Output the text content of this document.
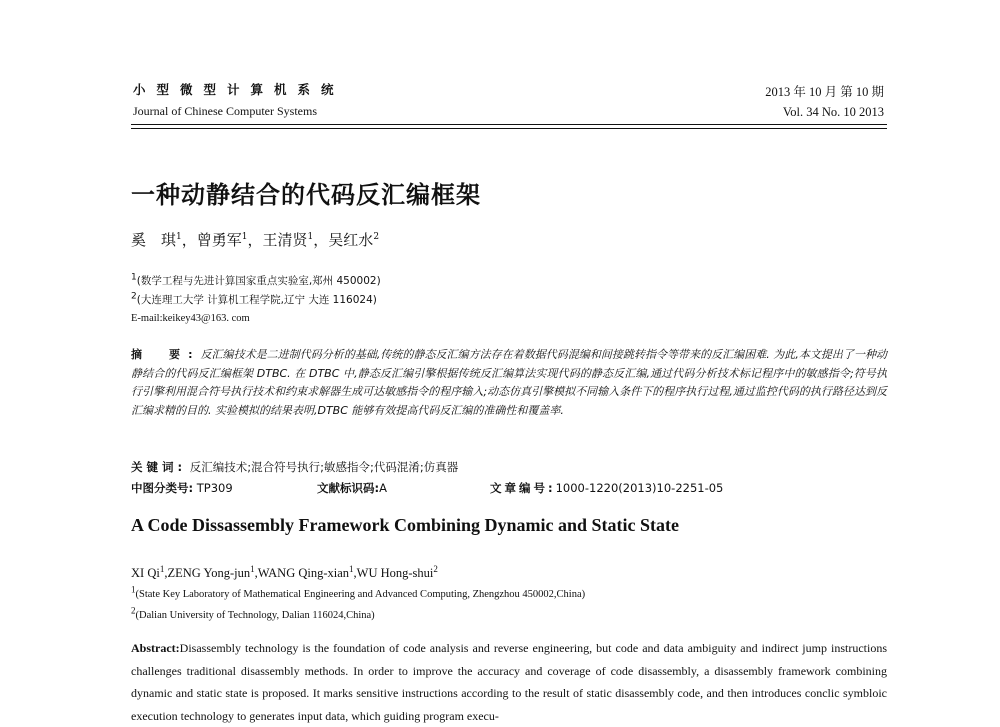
小型微型计算机系统
Journal of Chinese Computer Systems
2013 年 10 月 第 10 期
Vol. 34 No. 10 2013
一种动静结合的代码反汇编框架
奚　琪$^1$，曾勇军$^1$，王清贤$^1$，吴红水$^2$
$^1$(数学工程与先进计算国家重点实验室,郑州 450002)
$^2$(大连理工大学 计算机工程学院,辽宁 大连 116024)
E-mail:keikey43@163. com
摘　要:反汇编技术是二进制代码分析的基础,传统的静态反汇编方法存在着数据代码混编和间接跳转指令等带来的反汇编困难. 为此,本文提出了一种动静结合的代码反汇编框架 DTBC. 在 DTBC 中,静态反汇编引擎根据传统反汇编算法实现代码的静态反汇编,通过代码分析技术标记程序中的敏感指令;符号执行引擎利用混合符号执行技术和约束求解器生成可达敏感指令的程序输入;动态仿真引擎模拟不同输入条件下的程序执行过程,通过监控代码的执行路径达到反汇编求精的目的. 实验模拟的结果表明,DTBC 能够有效提高代码反汇编的准确性和覆盖率.
关键词: 反汇编技术;混合符号执行;敏感指令;代码混淆;仿真器
中图分类号: TP309	文献标识码:A	文章编号:1000-1220(2013)10-2251-05
A Code Dissassembly Framework Combining Dynamic and Static State
XI Qi$^1$,ZENG Yong-jun$^1$,WANG Qing-xian$^1$,WU Hong-shui$^2$
$^1$(State Key Laboratory of Mathematical Engineering and Advanced Computing, Zhengzhou 450002,China)
$^2$(Dalian University of Technology, Dalian 116024,China)
Abstract:Disassembly technology is the foundation of code analysis and reverse engineering, but code and data ambiguity and indirect jump instructions challenges traditional disassembly methods. In order to improve the accuracy and coverage of code disassembly, a disassembly framework combining dynamic and static state is proposed. It marks sensitive instructions according to the result of static disassembly code, and then introduces conclic symbloic execution technology to generates input data, which guiding program execu-
